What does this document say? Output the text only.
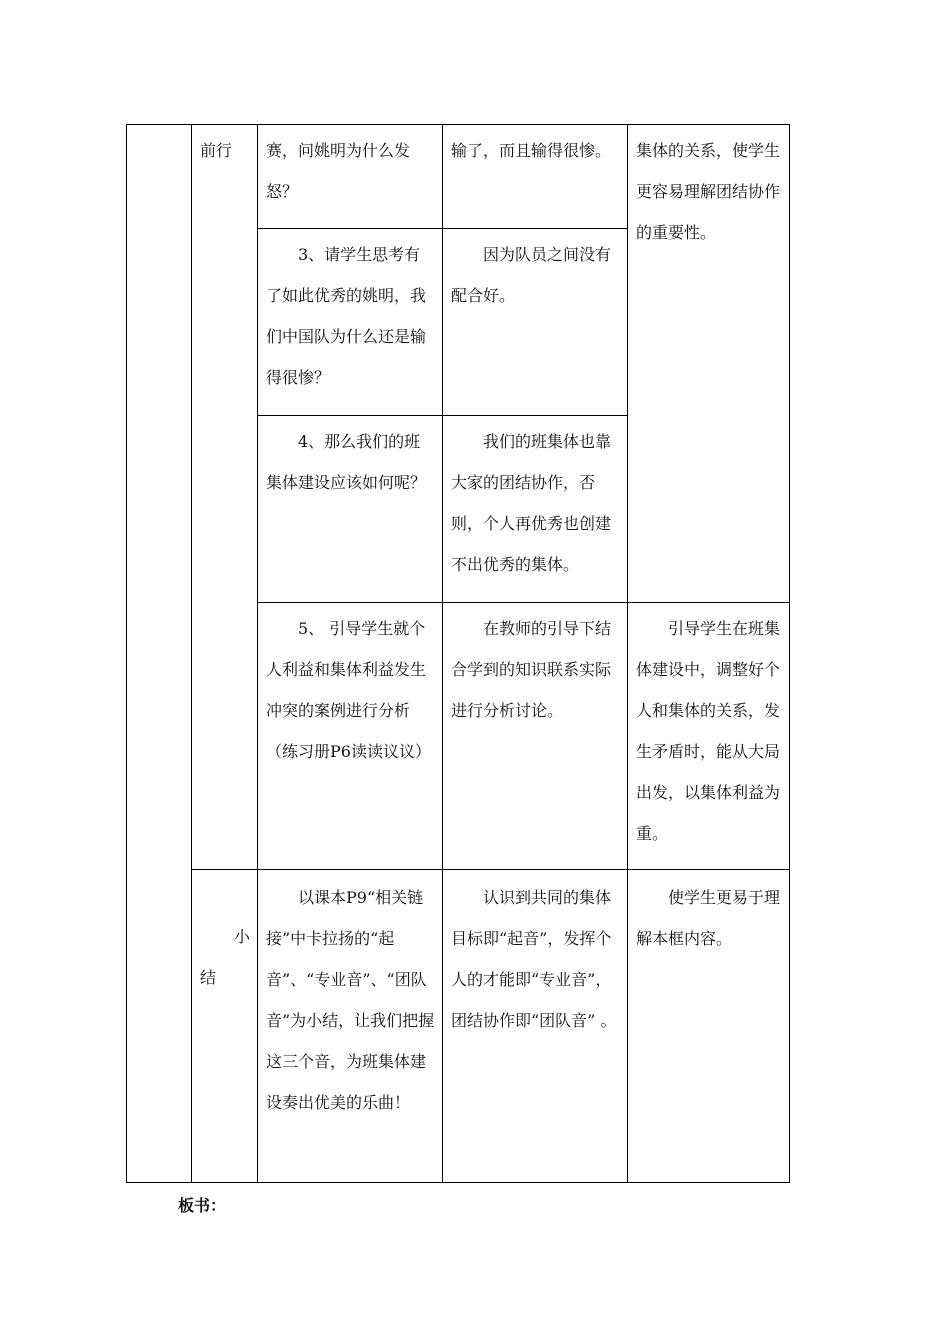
前行	赛，问姚明为什么发怒？

输了，而且输得很惨。	集体的关系，使学生更容易理解团结协作的重要性。

3、请学生思考有了如此优秀的姚明，我们中国队为什么还是输得很惨？

因为队员之间没有配合好。

4、那么我们的班集体建设应该如何呢？

我们的班集体也靠大家的团结协作，否则，个人再优秀也创建不出优秀的集体。

5、 引导学生就个人利益和集体利益发生冲突的案例进行分析（练习册P6读读议议）

在教师的引导下结合学到的知识联系实际进行分析讨论。

引导学生在班集体建设中，调整好个人和集体的关系，发生矛盾时，能从大局出发，以集体利益为重。

小
结

以课本P9“相关链接”中卡拉扬的“起音”、“专业音”、“团队音”为小结，让我们把握这三个音，为班集体建设奏出优美的乐曲！

认识到共同的集体目标即“起音”，发挥个人的才能即“专业音”，团结协作即“团队音” 。

使学生更易于理解本框内容。

板书：
